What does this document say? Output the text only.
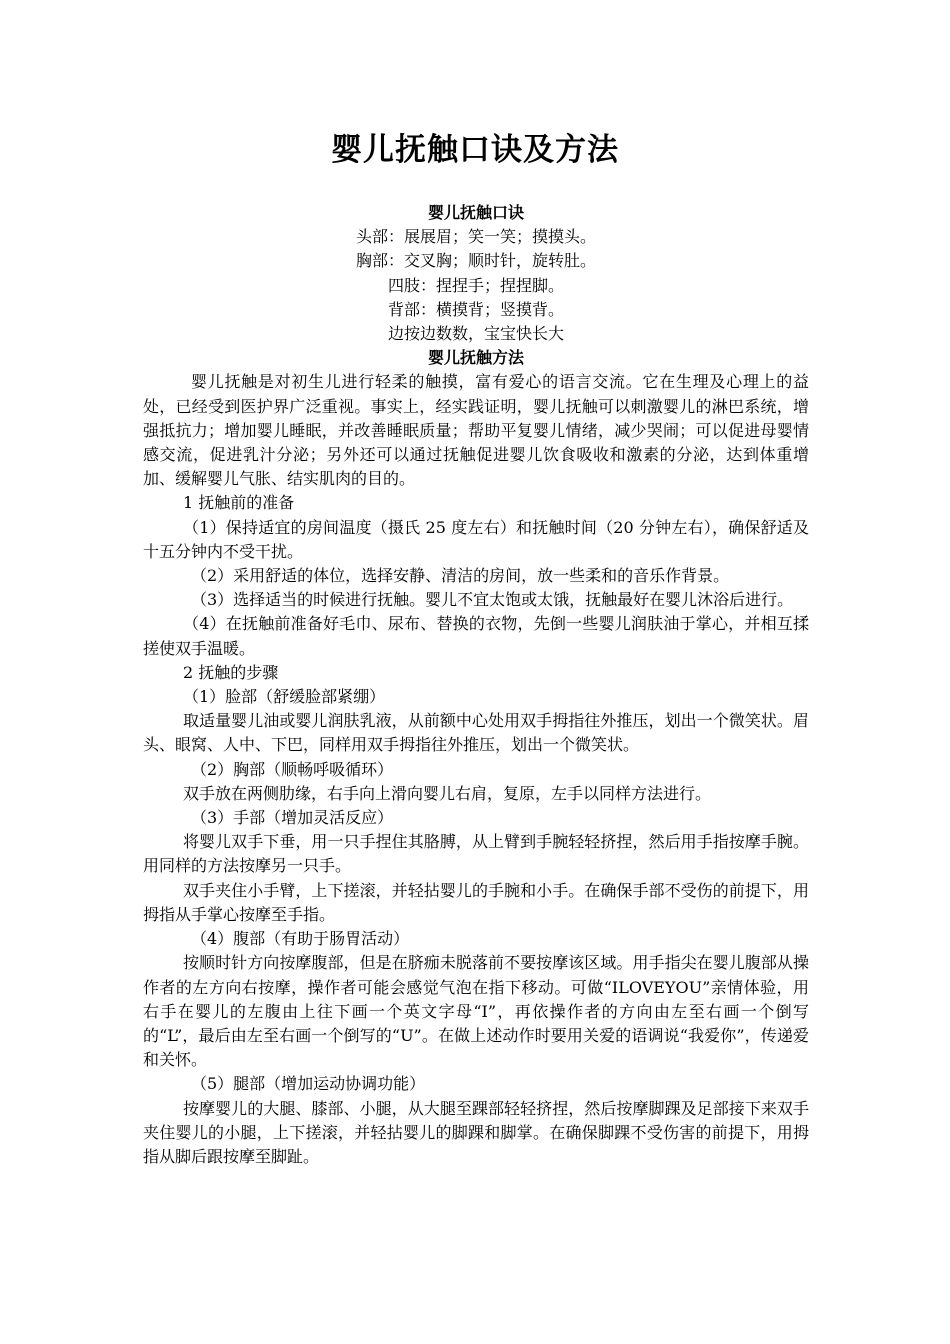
婴儿抚触口诀及方法

婴儿抚触口诀

头部：展展眉；笑一笑；摸摸头。

胸部：交叉胸；顺时针，旋转肚。

四肢：捏捏手；捏捏脚。

背部：横摸背；竖摸背。

边按边数数，宝宝快长大

婴儿抚触方法

婴儿抚触是对初生儿进行轻柔的触摸，富有爱心的语言交流。它在生理及心理上的益处，已经受到医护界广泛重视。事实上，经实践证明，婴儿抚触可以刺激婴儿的淋巴系统，增强抵抗力；增加婴儿睡眠，并改善睡眠质量；帮助平复婴儿情绪，减少哭闹；可以促进母婴情感交流，促进乳汁分泌；另外还可以通过抚触促进婴儿饮食吸收和激素的分泌，达到体重增加、缓解婴儿气胀、结实肌肉的目的。

1 抚触前的准备

（1）保持适宜的房间温度（摄氏 25 度左右）和抚触时间（20 分钟左右），确保舒适及十五分钟内不受干扰。

（2）采用舒适的体位，选择安静、清洁的房间，放一些柔和的音乐作背景。

（3）选择适当的时候进行抚触。婴儿不宜太饱或太饿，抚触最好在婴儿沐浴后进行。

（4）在抚触前准备好毛巾、尿布、替换的衣物，先倒一些婴儿润肤油于掌心，并相互揉搓使双手温暖。

2 抚触的步骤

（1）脸部（舒缓脸部紧绷）

取适量婴儿油或婴儿润肤乳液，从前额中心处用双手拇指往外推压，划出一个微笑状。眉头、眼窝、人中、下巴，同样用双手拇指往外推压，划出一个微笑状。

（2）胸部（顺畅呼吸循环）

双手放在两侧肋缘，右手向上滑向婴儿右肩，复原，左手以同样方法进行。

（3）手部（增加灵活反应）

将婴儿双手下垂，用一只手捏住其胳膊，从上臂到手腕轻轻挤捏，然后用手指按摩手腕。用同样的方法按摩另一只手。

双手夹住小手臂，上下搓滚，并轻拈婴儿的手腕和小手。在确保手部不受伤的前提下，用拇指从手掌心按摩至手指。

（4）腹部（有助于肠胃活动）

按顺时针方向按摩腹部，但是在脐痂未脱落前不要按摩该区域。用手指尖在婴儿腹部从操作者的左方向右按摩，操作者可能会感觉气泡在指下移动。可做“ILOVEYOU”亲情体验，用右手在婴儿的左腹由上往下画一个英文字母“I”，再依操作者的方向由左至右画一个倒写的“L”，最后由左至右画一个倒写的“U”。在做上述动作时要用关爱的语调说“我爱你”，传递爱和关怀。

（5）腿部（增加运动协调功能）

按摩婴儿的大腿、膝部、小腿，从大腿至踝部轻轻挤捏，然后按摩脚踝及足部接下来双手夹住婴儿的小腿，上下搓滚，并轻拈婴儿的脚踝和脚掌。在确保脚踝不受伤害的前提下，用拇指从脚后跟按摩至脚趾。
